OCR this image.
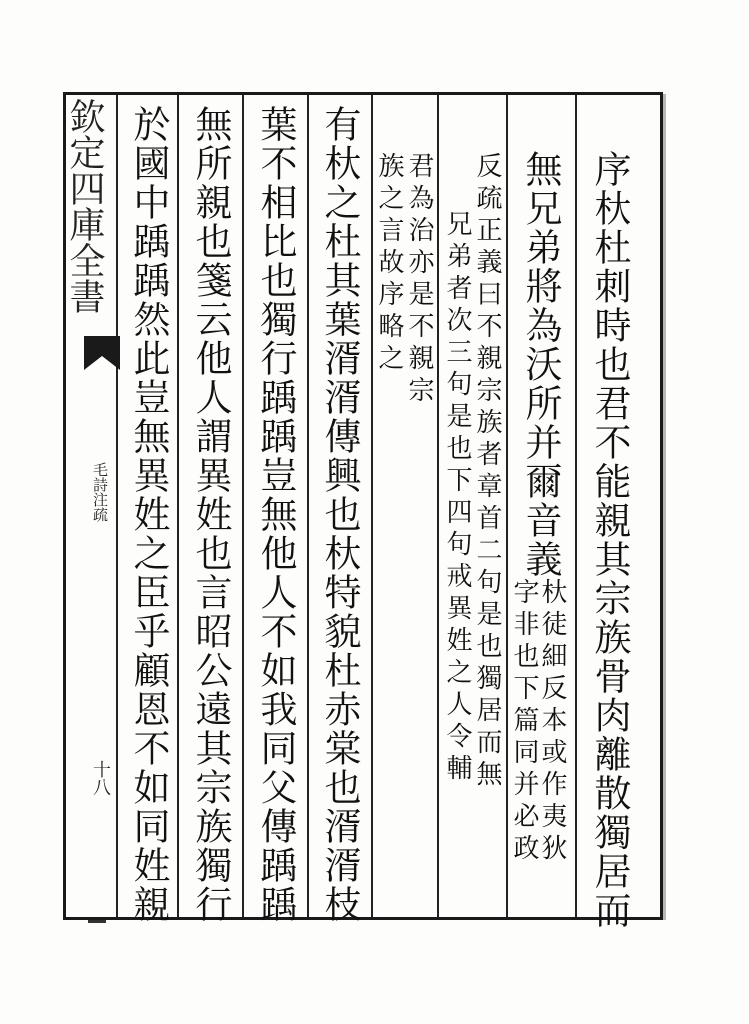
欽定四庫全書
毛詩注疏
十八	序杕杜刺時也君不能親其宗族骨肉離散獨居而
無兄弟將為沃所并爾音義
杕徒細反本或作夷狄
字非也下篇同并必政
反疏正義曰不親宗族者章首二句是也獨居而無
兄弟者次三句是也下四句戒異姓之人令輔
君為治亦是不親宗
族之言故序略之
有杕之杜其葉湑湑傳興也杕特貌杜赤棠也湑湑枝
葉不相比也獨行踽踽豈無他人不如我同父傳踽踽
無所親也箋云他人謂異姓也言昭公遠其宗族獨行
於國中踽踽然此豈無異姓之臣乎顧恩不如同姓親
